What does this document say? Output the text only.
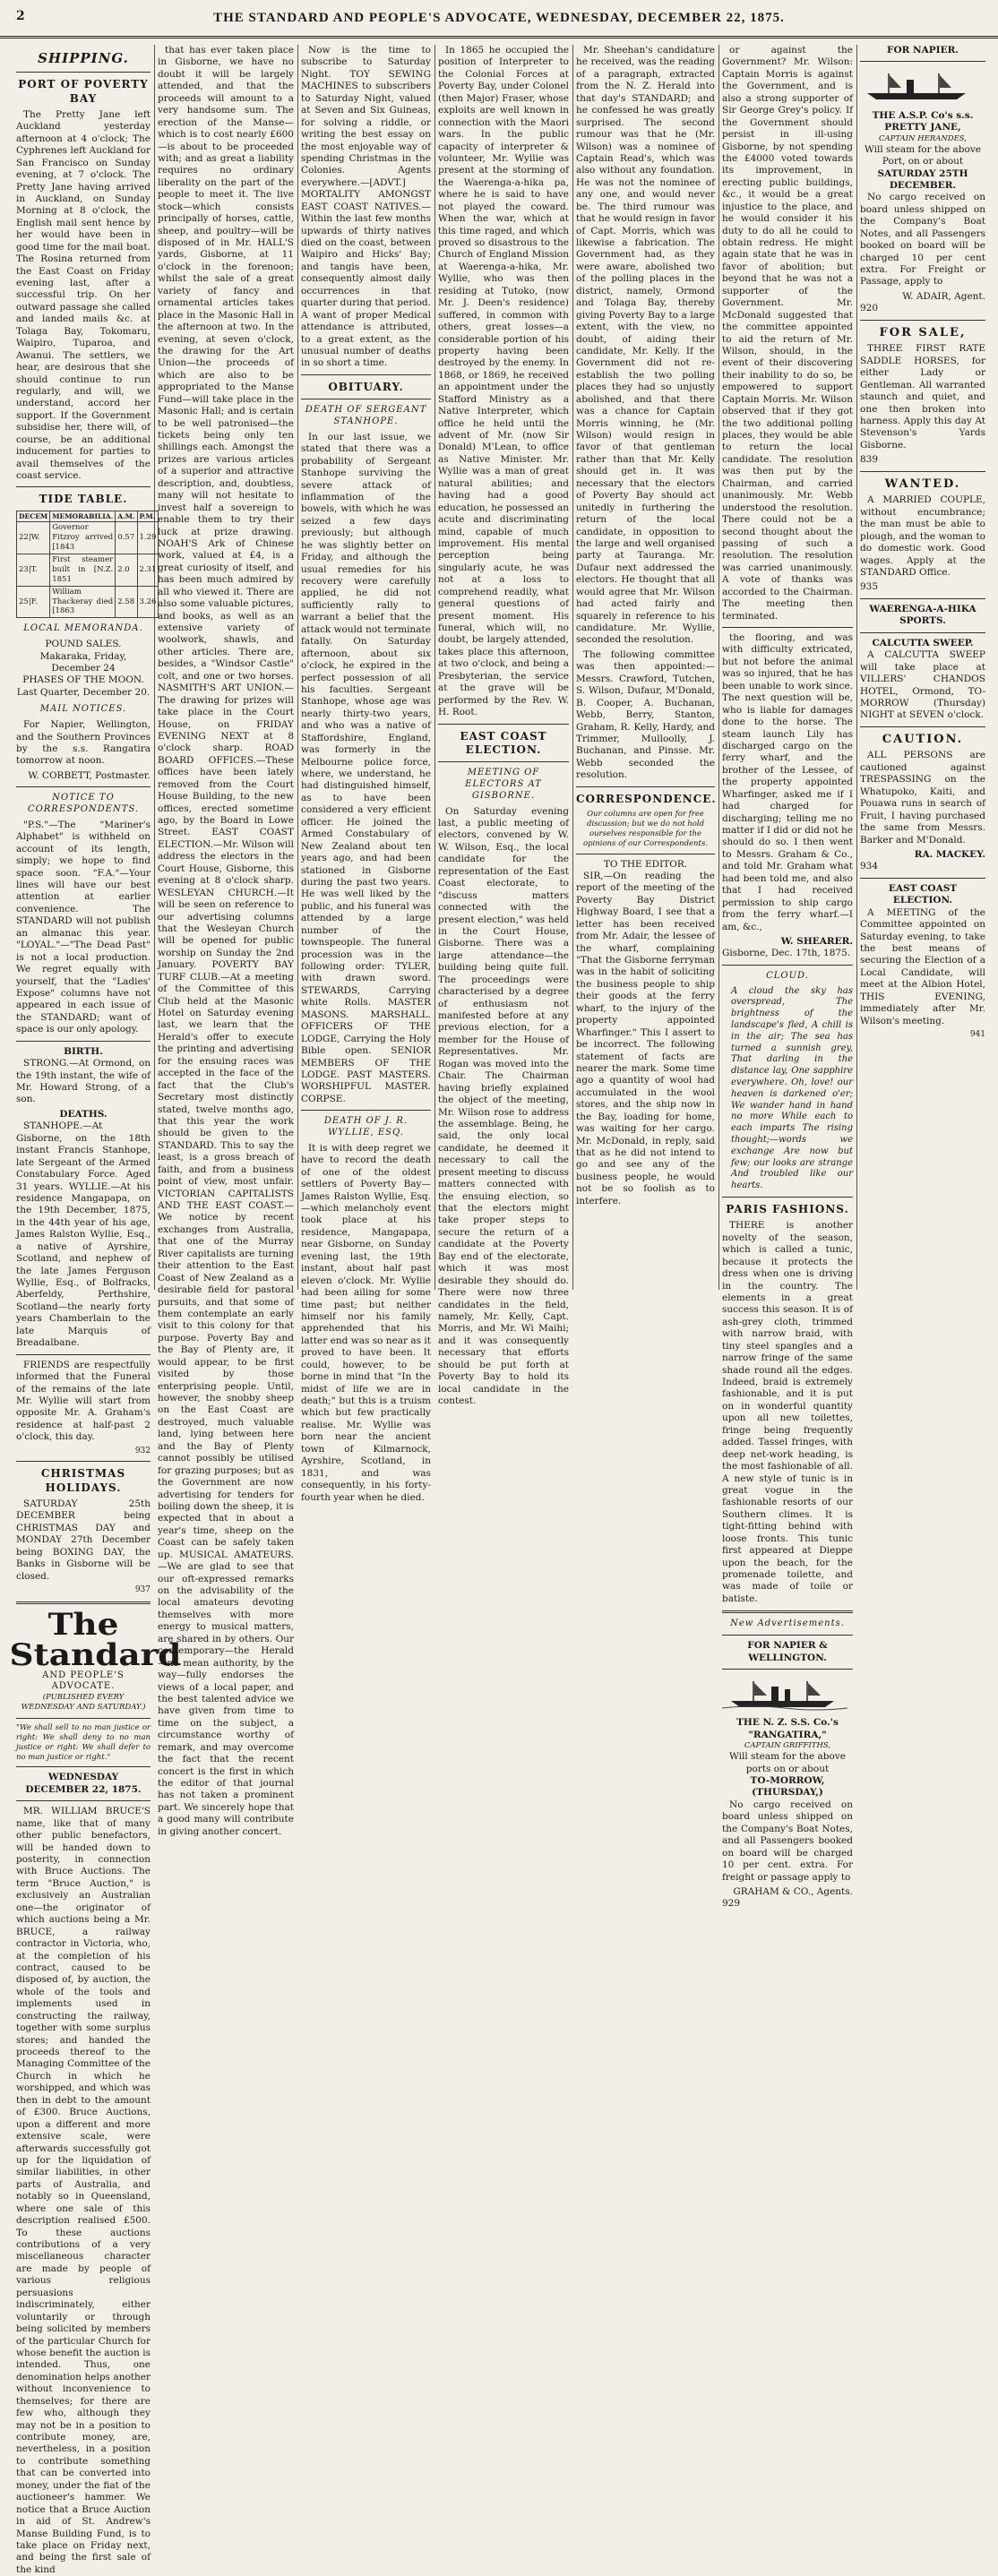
2	THE STANDARD AND PEOPLE'S ADVOCATE, WEDNESDAY, DECEMBER 22, 1875.
SHIPPING.
PORT OF POVERTY BAY

The Pretty Jane left Auckland yesterday afternoon at 4 o'clock; The Cyphrenes left Auckland for San Francisco on Sunday evening, at 7 o'clock. The Pretty Jane having arrived in Auckland, on Sunday Morning at 8 o'clock, the English mail sent hence by her would have been in good time for the mail boat. The Rosina returned from the East Coast on Friday evening last, after a successful trip. On her outward passage she called and landed mails &c. at Tolaga Bay, Tokomaru, Waipiro, Tuparoa, and Awanui. The settlers, we hear, are desirous that she should continue to run regularly, and will, we understand, accord her support. If the Government subsidise her, there will, of course, be an additional inducement for parties to avail themselves of the coast service.

TIDE TABLE.
DECEM	MEMORABILIA.	A.M.	P.M.
22|W.	Governor Fitzroy arrived [1843	0.57	1.29
23|T.	First steamer built in [N.Z. 1851	2.0	2.31
25|F.	William Thackeray died [1863	2.58	3.26
LOCAL MEMORANDA.
POUND SALES.
Makaraka, Friday, December 24
PHASES OF THE MOON.
Last Quarter, December 20.
MAIL NOTICES.

For Napier, Wellington, and the Southern Provinces by the s.s. Rangatira tomorrow at noon.

W. CORBETT, Postmaster.
NOTICE TO CORRESPONDENTS.

"P.S."—The "Mariner's Alphabet" is withheld on account of its length, simply; we hope to find space soon. "F.A."—Your lines will have our best attention at earlier convenience. The STANDARD will not publish an almanac this year. "LOYAL."—"The Dead Past" is not a local production. We regret equally with yourself, that the "Ladies' Expose" columns have not appeared in each issue of the STANDARD; want of space is our only apology.

BIRTH.

STRONG.—At Ormond, on the 19th instant, the wife of Mr. Howard Strong, of a son.

DEATHS.

STANHOPE.—At Gisborne, on the 18th instant Francis Stanhope, late Sergeant of the Armed Constabulary Force. Aged 31 years. WYLLIE.—At his residence Mangapapa, on the 19th December, 1875, in the 44th year of his age, James Ralston Wyllie, Esq., a native of Ayrshire, Scotland, and nephew of the late James Ferguson Wyllie, Esq., of Bolfracks, Aberfeldy, Perthshire, Scotland—the nearly forty years Chamberlain to the late Marquis of Breadalbane.

FRIENDS are respectfully informed that the Funeral of the remains of the late Mr. Wyllie will start from opposite Mr. A. Graham's residence at half-past 2 o'clock, this day.

932
CHRISTMAS HOLIDAYS.

SATURDAY 25th DECEMBER being CHRISTMAS DAY and MONDAY 27th December being BOXING DAY, the Banks in Gisborne will be closed.

937
The Standard
AND PEOPLE'S ADVOCATE.
(PUBLISHED EVERY WEDNESDAY AND SATURDAY.)
"We shall sell to no man justice or right: We shall deny to no man justice or right: We shall defer to no man justice or right."
WEDNESDAY DECEMBER 22, 1875.

MR. WILLIAM BRUCE'S name, like that of many other public benefactors, will be handed down to posterity, in connection with Bruce Auctions. The term "Bruce Auction," is exclusively an Australian one—the originator of which auctions being a Mr. BRUCE, a railway contractor in Victoria, who, at the completion of his contract, caused to be disposed of, by auction, the whole of the tools and implements used in constructing the railway, together with some surplus stores; and handed the proceeds thereof to the Managing Committee of the Church in which he worshipped, and which was then in debt to the amount of £300. Bruce Auctions, upon a different and more extensive scale, were afterwards successfully got up for the liquidation of similar liabilities, in other parts of Australia, and notably so in Queensland, where one sale of this description realised £500. To these auctions contributions of a very miscellaneous character are made by people of various religious persuasions indiscriminately, either voluntarily or through being solicited by members of the particular Church for whose benefit the auction is intended. Thus, one denomination helps another without inconvenience to themselves; for there are few who, although they may not be in a position to contribute money, are, nevertheless, in a position to contribute something that can be converted into money, under the fiat of the auctioneer's hammer. We notice that a Bruce Auction in aid of St. Andrew's Manse Building Fund, is to take place on Friday next, and being the first sale of the kind

that has ever taken place in Gisborne, we have no doubt it will be largely attended, and that the proceeds will amount to a very handsome sum. The erection of the Manse—which is to cost nearly £600—is about to be proceeded with; and as great a liability requires no ordinary liberality on the part of the people to meet it. The live stock—which consists principally of horses, cattle, sheep, and poultry—will be disposed of in Mr. HALL'S yards, Gisborne, at 11 o'clock in the forenoon; whilst the sale of a great variety of fancy and ornamental articles takes place in the Masonic Hall in the afternoon at two. In the evening, at seven o'clock, the drawing for the Art Union—the proceeds of which are also to be appropriated to the Manse Fund—will take place in the Masonic Hall; and is certain to be well patronised—the tickets being only ten shillings each. Amongst the prizes are various articles of a superior and attractive description, and, doubtless, many will not hesitate to invest half a sovereign to enable them to try their luck at prize drawing. NOAH'S Ark of Chinese work, valued at £4, is a great curiosity of itself, and has been much admired by all who viewed it. There are also some valuable pictures, and books, as well as an extensive variety of woolwork, shawls, and other articles. There are, besides, a "Windsor Castle" colt, and one or two horses. NASMITH'S ART UNION.—The drawing for prizes will take place in the Court House, on FRIDAY EVENING NEXT at 8 o'clock sharp. ROAD BOARD OFFICES.—These offices have been lately removed from the Court House Building, to the new offices, erected sometime ago, by the Board in Lowe Street. EAST COAST ELECTION.—Mr. Wilson will address the electors in the Court House, Gisborne, this evening at 8 o'clock sharp. WESLEYAN CHURCH.—It will be seen on reference to our advertising columns that the Wesleyan Church will be opened for public worship on Sunday the 2nd January. POVERTY BAY TURF CLUB.—At a meeting of the Committee of this Club held at the Masonic Hotel on Saturday evening last, we learn that the Herald's offer to execute the printing and advertising for the ensuing races was accepted in the face of the fact that the Club's Secretary most distinctly stated, twelve months ago, that this year the work should be given to the STANDARD. This to say the least, is a gross breach of faith, and from a business point of view, most unfair. VICTORIAN CAPITALISTS AND THE EAST COAST.—We notice by recent exchanges from Australia, that one of the Murray River capitalists are turning their attention to the East Coast of New Zealand as a desirable field for pastoral pursuits, and that some of them contemplate an early visit to this colony for that purpose. Poverty Bay and the Bay of Plenty are, it would appear, to be first visited by those enterprising people. Until, however, the snobby sheep on the East Coast are destroyed, much valuable land, lying between here and the Bay of Plenty cannot possibly be utilised for grazing purposes; but as the Government are now advertising for tenders for boiling down the sheep, it is expected that in about a year's time, sheep on the Coast can be safely taken up. MUSICAL AMATEURS.—We are glad to see that our oft-expressed remarks on the advisability of the local amateurs devoting themselves with more energy to musical matters, are shared in by others. Our contemporary—the Herald—no mean authority, by the way—fully endorses the views of a local paper, and the best talented advice we have given from time to time on the subject, a circumstance worthy of remark, and may overcome the fact that the recent concert is the first in which the editor of that journal has not taken a prominent part. We sincerely hope that a good many will contribute in giving another concert.

Now is the time to subscribe to Saturday Night. TOY SEWING MACHINES to subscribers to Saturday Night, valued at Seven and Six Guineas, for solving a riddle, or writing the best essay on the most enjoyable way of spending Christmas in the Colonies. Agents everywhere.—[ADVT.] MORTALITY AMONGST EAST COAST NATIVES.—Within the last few months upwards of thirty natives died on the coast, between Waipiro and Hicks' Bay; and tangis have been, consequently almost daily occurrences in that quarter during that period. A want of proper Medical attendance is attributed, to a great extent, as the unusual number of deaths in so short a time.

OBITUARY.
DEATH OF SERGEANT STANHOPE.

In our last issue, we stated that there was a probability of Sergeant Stanhope surviving the severe attack of inflammation of the bowels, with which he was seized a few days previously; but although he was slightly better on Friday, and although the usual remedies for his recovery were carefully applied, he did not sufficiently rally to warrant a belief that the attack would not terminate fatally. On Saturday afternoon, about six o'clock, he expired in the perfect possession of all his faculties. Sergeant Stanhope, whose age was nearly thirty-two years, and who was a native of Staffordshire, England, was formerly in the Melbourne police force, where, we understand, he had distinguished himself, as to have been considered a very efficient officer. He joined the Armed Constabulary of New Zealand about ten years ago, and had been stationed in Gisborne during the past two years. He was well liked by the public, and his funeral was attended by a large number of the townspeople. The funeral procession was in the following order: TYLER, with drawn sword. STEWARDS, Carrying white Rolls. MASTER MASONS. MARSHALL. OFFICERS OF THE LODGE, Carrying the Holy Bible open. SENIOR MEMBERS OF THE LODGE. PAST MASTERS. WORSHIPFUL MASTER. CORPSE.

DEATH OF J. R. WYLLIE, ESQ.

It is with deep regret we have to record the death of one of the oldest settlers of Poverty Bay—James Ralston Wyllie, Esq.—which melancholy event took place at his residence, Mangapapa, near Gisborne, on Sunday evening last, the 19th instant, about half past eleven o'clock. Mr. Wyllie had been ailing for some time past; but neither himself nor his family apprehended that his latter end was so near as it proved to have been. It could, however, to be borne in mind that "In the midst of life we are in death;" but this is a truism which but few practically realise. Mr. Wyllie was born near the ancient town of Kilmarnock, Ayrshire, Scotland, in 1831, and was consequently, in his forty-fourth year when he died.

In 1865 he occupied the position of Interpreter to the Colonial Forces at Poverty Bay, under Colonel (then Major) Fraser, whose exploits are well known in connection with the Maori wars. In the public capacity of interpreter & volunteer, Mr. Wyllie was present at the storming of the Waerenga-a-hika pa, where he is said to have not played the coward. When the war, which at this time raged, and which proved so disastrous to the Church of England Mission at Waerenga-a-hika, Mr. Wyllie, who was then residing at Tutoko, (now Mr. J. Deen's residence) suffered, in common with others, great losses—a considerable portion of his property having been destroyed by the enemy. In 1868, or 1869, he received an appointment under the Stafford Ministry as a Native Interpreter, which office he held until the advent of Mr. (now Sir Donald) M'Lean, to office as Native Minister. Mr. Wyllie was a man of great natural abilities; and having had a good education, he possessed an acute and discriminating mind, capable of much improvement. His mental perception being singularly acute, he was not at a loss to comprehend readily, what general questions of present moment. His funeral, which will, no doubt, be largely attended, takes place this afternoon, at two o'clock, and being a Presbyterian, the service at the grave will be performed by the Rev. W. H. Root.

EAST COAST ELECTION.
MEETING OF ELECTORS AT GISBORNE.

On Saturday evening last, a public meeting of electors, convened by W. W. Wilson, Esq., the local candidate for the representation of the East Coast electorate, to "discuss matters connected with the present election," was held in the Court House, Gisborne. There was a large attendance—the building being quite full. The proceedings were characterised by a degree of enthusiasm not manifested before at any previous election, for a member for the House of Representatives. Mr. Rogan was moved into the Chair. The Chairman having briefly explained the object of the meeting, Mr. Wilson rose to address the assemblage. Being, he said, the only local candidate, he deemed it necessary to call the present meeting to discuss matters connected with the ensuing election, so that the electors might take proper steps to secure the return of a candidate at the Poverty Bay end of the electorate, which it was most desirable they should do. There were now three candidates in the field, namely, Mr. Kelly, Capt. Morris, and Mr. Wi Maihi; and it was consequently necessary that efforts should be put forth at Poverty Bay to hold its local candidate in the contest.

Mr. Sheehan's candidature he received, was the reading of a paragraph, extracted from the N. Z. Herald into that day's STANDARD; and he confessed he was greatly surprised. The second rumour was that he (Mr. Wilson) was a nominee of Captain Read's, which was also without any foundation. He was not the nominee of any one, and would never be. The third rumour was that he would resign in favor of Capt. Morris, which was likewise a fabrication. The Government had, as they were aware, abolished two of the polling places in the district, namely, Ormond and Tolaga Bay, thereby giving Poverty Bay to a large extent, with the view, no doubt, of aiding their candidate, Mr. Kelly. If the Government did not re-establish the two polling places they had so unjustly abolished, and that there was a chance for Captain Morris winning, he (Mr. Wilson) would resign in favor of that gentleman rather than that Mr. Kelly should get in. It was necessary that the electors of Poverty Bay should act unitedly in furthering the return of the local candidate, in opposition to the large and well organised party at Tauranga. Mr. Dufaur next addressed the electors. He thought that all would agree that Mr. Wilson had acted fairly and squarely in reference to his candidature. Mr. Wyllie, seconded the resolution.

The following committee was then appointed:—Messrs. Crawford, Tutchen, S. Wilson, Dufaur, M'Donald, B. Cooper, A. Buchanan, Webb, Berry, Stanton, Graham, R. Kelly, Hardy, and Trimmer, Mulloolly, J. Buchanan, and Pinsse. Mr. Webb seconded the resolution.

CORRESPONDENCE.
Our columns are open for free discussion; but we do not hold ourselves responsible for the opinions of our Correspondents.
TO THE EDITOR.

SIR,—On reading the report of the meeting of the Poverty Bay District Highway Board, I see that a letter has been received from Mr. Adair, the lessee of the wharf, complaining "That the Gisborne ferryman was in the habit of soliciting the business people to ship their goods at the ferry wharf, to the injury of the property appointed Wharfinger." This I assert to be incorrect. The following statement of facts are nearer the mark. Some time ago a quantity of wool had accumulated in the wool stores, and the ship now in the Bay, loading for home, was waiting for her cargo. Mr. McDonald, in reply, said that as he did not intend to go and see any of the business people, he would not be so foolish as to interfere.

or against the Government? Mr. Wilson: Captain Morris is against the Government, and is also a strong supporter of Sir George Grey's policy. If the Government should persist in ill-using Gisborne, by not spending the £4000 voted towards its improvement, in erecting public buildings, &c., it would be a great injustice to the place, and he would consider it his duty to do all he could to obtain redress. He might again state that he was in favor of abolition; but beyond that he was not a supporter of the Government. Mr. McDonald suggested that the committee appointed to aid the return of Mr. Wilson, should, in the event of their discovering their inability to do so, be empowered to support Captain Morris. Mr. Wilson observed that if they got the two additional polling places, they would be able to return the local candidate. The resolution was then put by the Chairman, and carried unanimously. Mr. Webb understood the resolution. There could not be a second thought about the passing of such a resolution. The resolution was carried unanimously. A vote of thanks was accorded to the Chairman. The meeting then terminated.

the flooring, and was with difficulty extricated, but not before the animal was so injured, that he has been unable to work since. The next question will be, who is liable for damages done to the horse. The steam launch Lily has discharged cargo on the ferry wharf, and the brother of the Lessee, of the property appointed Wharfinger, asked me if I had charged for discharging; telling me no matter if I did or did not he should do so. I then went to Messrs. Graham & Co., and told Mr. Graham what had been told me, and also that I had received permission to ship cargo from the ferry wharf.—I am, &c.,

W. SHEARER.
Gisborne, Dec. 17th, 1875.
CLOUD.
A cloud the sky has overspread, The brightness of the landscape's fled, A chill is in the air; The sea has turned a sunnish grey, That darling in the distance lay, One sapphire everywhere. Oh, love! our heaven is darkened o'er; We wander hand in hand no more While each to each imparts The rising thought;—words we exchange Are now but few; our looks are strange And troubled like our hearts.
PARIS FASHIONS.

THERE is another novelty of the season, which is called a tunic, because it protects the dress when one is driving in the country. The elements in a great success this season. It is of ash-grey cloth, trimmed with narrow braid, with tiny steel spangles and a narrow fringe of the same shade round all the edges. Indeed, braid is extremely fashionable, and it is put on in wonderful quantity upon all new toilettes, fringe being frequently added. Tassel fringes, with deep net-work heading, is the most fashionable of all. A new style of tunic is in great vogue in the fashionable resorts of our Southern climes. It is tight-fitting behind with loose fronts. This tunic first appeared at Dieppe upon the beach, for the promenade toilette, and was made of toile or batiste.

New Advertisements.
FOR NAPIER & WELLINGTON.
THE N. Z. S.S. Co.'s "RANGATIRA,"
CAPTAIN GRIFFITHS,
Will steam for the above ports on or about
TO-MORROW, (THURSDAY,)

No cargo received on board unless shipped on the Company's Boat Notes, and all Passengers booked on board will be charged 10 per cent. extra. For freight or passage apply to

GRAHAM & CO., Agents.
929
FOR NAPIER.
THE A.S.P. Co's s.s. PRETTY JANE,
CAPTAIN HERANDES,
Will steam for the above Port, on or about
SATURDAY 25TH DECEMBER.

No cargo received on board unless shipped on the Company's Boat Notes, and all Passengers booked on board will be charged 10 per cent extra. For Freight or Passage, apply to

W. ADAIR, Agent.
920
FOR SALE,

THREE FIRST RATE SADDLE HORSES, for either Lady or Gentleman. All warranted staunch and quiet, and one then broken into harness. Apply this day At Stevenson's Yards Gisborne.

839
WANTED.

A MARRIED COUPLE, without encumbrance; the man must be able to plough, and the woman to do domestic work. Good wages. Apply at the STANDARD Office.

935
WAERENGA-A-HIKA SPORTS.
CALCUTTA SWEEP.

A CALCUTTA SWEEP will take place at VILLERS' CHANDOS HOTEL, Ormond, TO-MORROW (Thursday) NIGHT at SEVEN o'clock.

CAUTION.

ALL PERSONS are cautioned against TRESPASSING on the Whatupoko, Kaiti, and Pouawa runs in search of Fruit, I having purchased the same from Messrs. Barker and M'Donald.

RA. MACKEY.
934
EAST COAST ELECTION.

A MEETING of the Committee appointed on Saturday evening, to take the best means of securing the Election of a Local Candidate, will meet at the Albion Hotel, THIS EVENING, immediately after Mr. Wilson's meeting.

941
